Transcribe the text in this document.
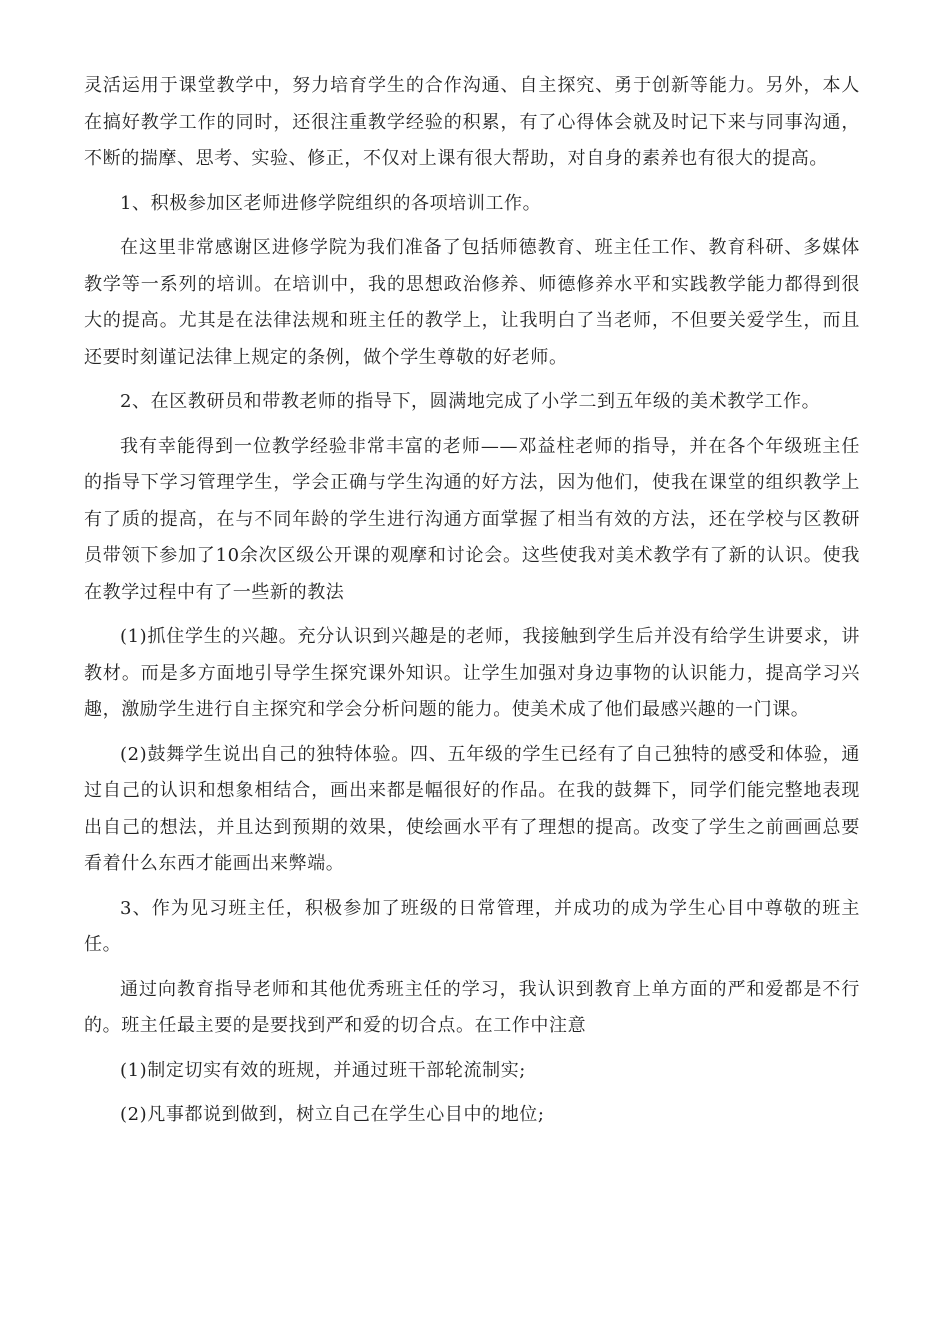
灵活运用于课堂教学中，努力培育学生的合作沟通、自主探究、勇于创新等能力。另外，本人在搞好教学工作的同时，还很注重教学经验的积累，有了心得体会就及时记下来与同事沟通，不断的揣摩、思考、实验、修正，不仅对上课有很大帮助，对自身的素养也有很大的提高。

1、积极参加区老师进修学院组织的各项培训工作。

在这里非常感谢区进修学院为我们准备了包括师德教育、班主任工作、教育科研、多媒体教学等一系列的培训。在培训中，我的思想政治修养、师德修养水平和实践教学能力都得到很大的提高。尤其是在法律法规和班主任的教学上，让我明白了当老师，不但要关爱学生，而且还要时刻谨记法律上规定的条例，做个学生尊敬的好老师。

2、在区教研员和带教老师的指导下，圆满地完成了小学二到五年级的美术教学工作。

我有幸能得到一位教学经验非常丰富的老师——邓益柱老师的指导，并在各个年级班主任的指导下学习管理学生，学会正确与学生沟通的好方法，因为他们，使我在课堂的组织教学上有了质的提高，在与不同年龄的学生进行沟通方面掌握了相当有效的方法，还在学校与区教研员带领下参加了10余次区级公开课的观摩和讨论会。这些使我对美术教学有了新的认识。使我在教学过程中有了一些新的教法

(1)抓住学生的兴趣。充分认识到兴趣是的老师，我接触到学生后并没有给学生讲要求，讲教材。而是多方面地引导学生探究课外知识。让学生加强对身边事物的认识能力，提高学习兴趣，激励学生进行自主探究和学会分析问题的能力。使美术成了他们最感兴趣的一门课。

(2)鼓舞学生说出自己的独特体验。四、五年级的学生已经有了自己独特的感受和体验，通过自己的认识和想象相结合，画出来都是幅很好的作品。在我的鼓舞下，同学们能完整地表现出自己的想法，并且达到预期的效果，使绘画水平有了理想的提高。改变了学生之前画画总要看着什么东西才能画出来弊端。

3、作为见习班主任，积极参加了班级的日常管理，并成功的成为学生心目中尊敬的班主任。

通过向教育指导老师和其他优秀班主任的学习，我认识到教育上单方面的严和爱都是不行的。班主任最主要的是要找到严和爱的切合点。在工作中注意

(1)制定切实有效的班规，并通过班干部轮流制实;

(2)凡事都说到做到，树立自己在学生心目中的地位;
